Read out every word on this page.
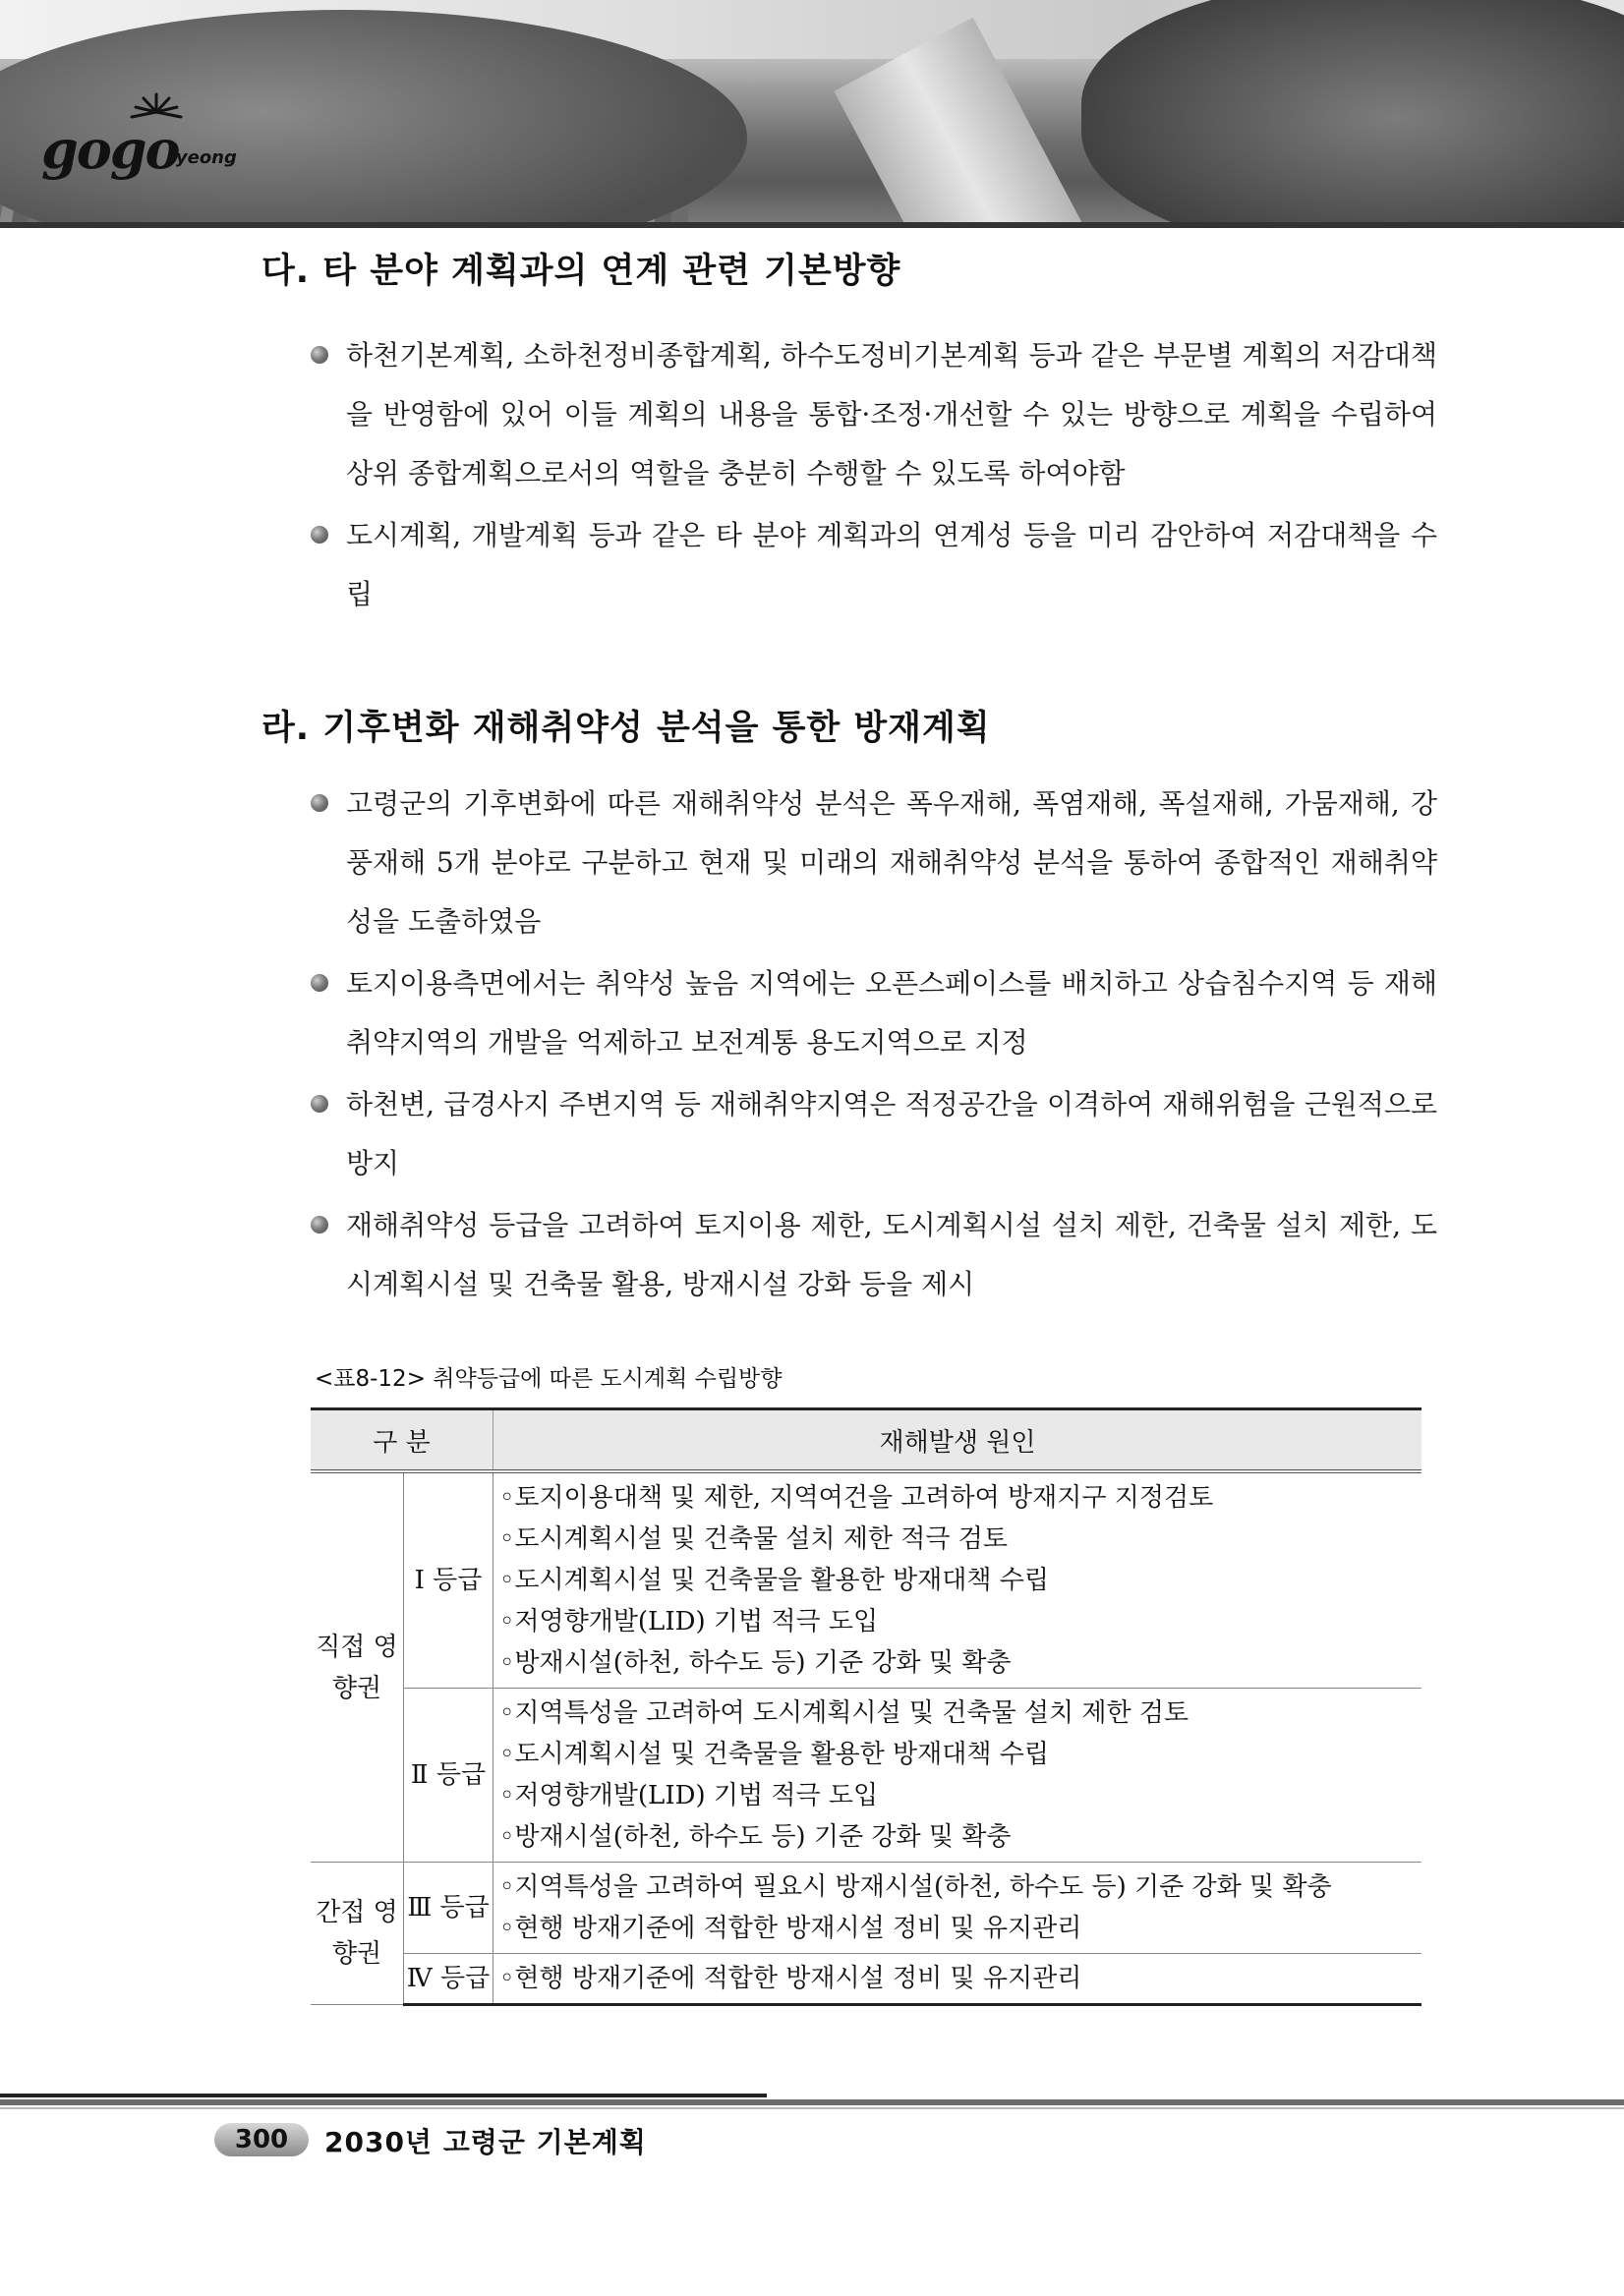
gogo
ryeong
다. 타 분야 계획과의 연계 관련 기본방향
하천기본계획, 소하천정비종합계획, 하수도정비기본계획 등과 같은 부문별 계획의 저감대책을 반영함에 있어 이들 계획의 내용을 통합·조정·개선할 수 있는 방향으로 계획을 수립하여 상위 종합계획으로서의 역할을 충분히 수행할 수 있도록 하여야함
도시계획, 개발계획 등과 같은 타 분야 계획과의 연계성 등을 미리 감안하여 저감대책을 수립
라. 기후변화 재해취약성 분석을 통한 방재계획
고령군의 기후변화에 따른 재해취약성 분석은 폭우재해, 폭염재해, 폭설재해, 가뭄재해, 강풍재해 5개 분야로 구분하고 현재 및 미래의 재해취약성 분석을 통하여 종합적인 재해취약성을 도출하였음
토지이용측면에서는 취약성 높음 지역에는 오픈스페이스를 배치하고 상습침수지역 등 재해취약지역의 개발을 억제하고 보전계통 용도지역으로 지정
하천변, 급경사지 주변지역 등 재해취약지역은 적정공간을 이격하여 재해위험을 근원적으로 방지
재해취약성 등급을 고려하여 토지이용 제한, 도시계획시설 설치 제한, 건축물 설치 제한, 도시계획시설 및 건축물 활용, 방재시설 강화 등을 제시
<표8-12> 취약등급에 따른 도시계획 수립방향
구 분		재해발생 원인
직접 영향권	Ⅰ 등급	◦토지이용대책 및 제한, 지역여건을 고려하여 방재지구 지정검토
◦도시계획시설 및 건축물 설치 제한 적극 검토
◦도시계획시설 및 건축물을 활용한 방재대책 수립
◦저영향개발(LID) 기법 적극 도입
◦방재시설(하천, 하수도 등) 기준 강화 및 확충

	Ⅱ 등급	◦지역특성을 고려하여 도시계획시설 및 건축물 설치 제한 검토
◦도시계획시설 및 건축물을 활용한 방재대책 수립
◦저영향개발(LID) 기법 적극 도입
◦방재시설(하천, 하수도 등) 기준 강화 및 확충

간접 영향권	Ⅲ 등급	◦지역특성을 고려하여 필요시 방재시설(하천, 하수도 등) 기준 강화 및 확충
◦현행 방재기준에 적합한 방재시설 정비 및 유지관리

	Ⅳ 등급	◦현행 방재기준에 적합한 방재시설 정비 및 유지관리
300	2030년 고령군 기본계획
